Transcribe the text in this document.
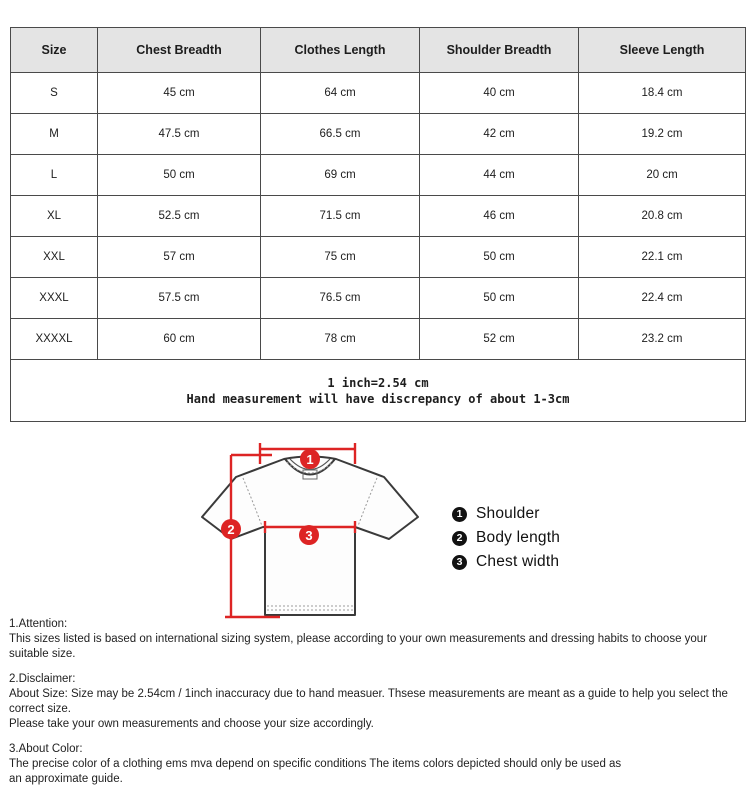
Size	Chest Breadth	Clothes Length	Shoulder Breadth	Sleeve Length
S	45 cm	64 cm	40 cm	18.4 cm
M	47.5 cm	66.5 cm	42 cm	19.2 cm
L	50 cm	69 cm	44 cm	20 cm
XL	52.5 cm	71.5 cm	46 cm	20.8 cm
XXL	57 cm	75 cm	50 cm	22.1 cm
XXXL	57.5 cm	76.5 cm	50 cm	22.4 cm
XXXXL	60 cm	78 cm	52 cm	23.2 cm

1 inch=2.54 cm
Hand measurement will have discrepancy of about 1-3cm				
1
2	3
1 Shoulder
2 Body length
3 Chest width
1.Attention:
This sizes listed is based on international sizing system, please according to your own measurements and dressing habits to choose your suitable size.
2.Disclaimer:
About Size: Size may be 2.54cm / 1inch inaccuracy due to hand measuer. Thsese measurements are meant as a guide to help you select the correct size.
Please take your own measurements and choose your size accordingly.
3.About Color:
The precise color of a clothing ems mva depend on specific conditions The items colors depicted should only be used as
an approximate guide.
